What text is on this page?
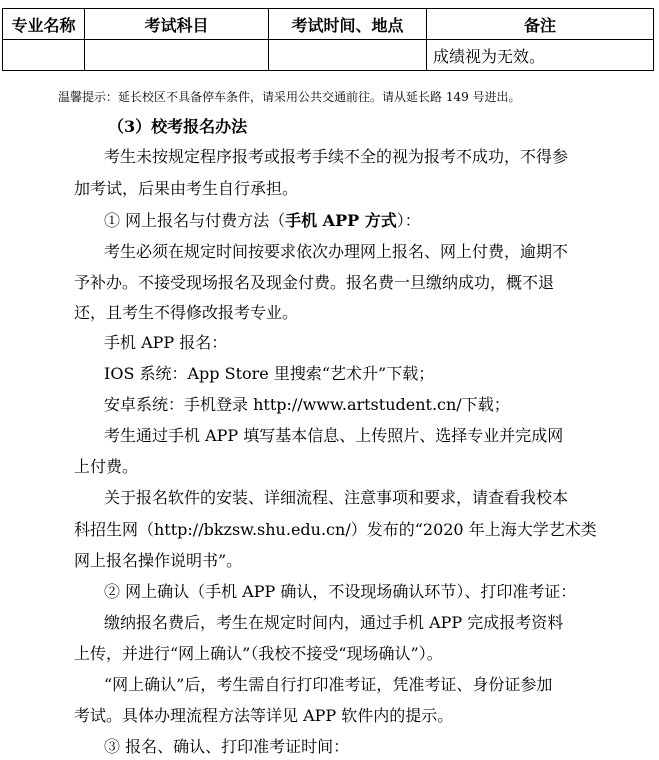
专业名称	考试科目	考试时间、地点	备注
			成绩视为无效。
温馨提示：延长校区不具备停车条件，请采用公共交通前往。请从延长路 149 号进出。
（3）校考报名办法
考生未按规定程序报考或报考手续不全的视为报考不成功，不得参
加考试，后果由考生自行承担。
① 网上报名与付费方法（手机 APP 方式）：
考生必须在规定时间按要求依次办理网上报名、网上付费，逾期不
予补办。不接受现场报名及现金付费。报名费一旦缴纳成功，概不退
还，且考生不得修改报考专业。
手机 APP 报名：
IOS 系统：App Store 里搜索“艺术升”下载；
安卓系统：手机登录 http://www.artstudent.cn/下载；
考生通过手机 APP 填写基本信息、上传照片、选择专业并完成网
上付费。
关于报名软件的安装、详细流程、注意事项和要求，请查看我校本
科招生网（http://bkzsw.shu.edu.cn/）发布的“2020 年上海大学艺术类
网上报名操作说明书”。
② 网上确认（手机 APP 确认，不设现场确认环节）、打印准考证：
缴纳报名费后，考生在规定时间内，通过手机 APP 完成报考资料
上传，并进行“网上确认”（我校不接受“现场确认”）。
“网上确认”后，考生需自行打印准考证，凭准考证、身份证参加
考试。具体办理流程方法等详见 APP 软件内的提示。
③ 报名、确认、打印准考证时间：
